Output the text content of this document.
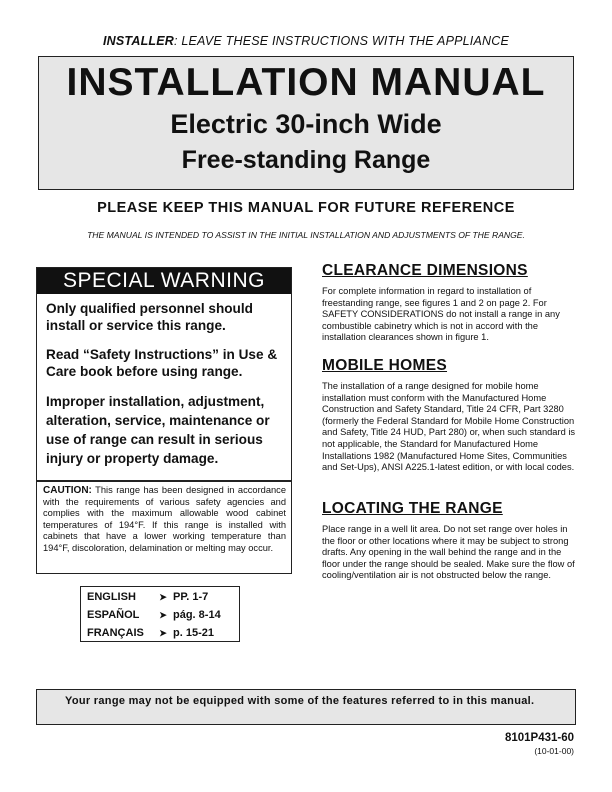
INSTALLER: LEAVE THESE INSTRUCTIONS WITH THE APPLIANCE
INSTALLATION MANUAL
Electric 30-inch Wide
Free-standing Range
PLEASE KEEP THIS MANUAL FOR FUTURE REFERENCE
THE MANUAL IS INTENDED TO ASSIST IN THE INITIAL INSTALLATION AND ADJUSTMENTS OF THE RANGE.
SPECIAL WARNING

Only qualified personnel should install or service this range.

Read “Safety Instructions” in Use & Care book before using range.

Improper installation, adjustment, alteration, service, maintenance or use of range can result in serious injury or property damage.

CAUTION: This range has been designed in accordance with the requirements of various safety agencies and complies with the maximum allowable wood cabinet temperatures of 194°F. If this range is installed with cabinets that have a lower working temperature than 194°F, discoloration, delamination or melting may occur.
ENGLISH	➤ PP. 1-7
ESPAÑOL	➤ pág. 8-14
FRANÇAIS	➤ p. 15-21
CLEARANCE DIMENSIONS
For complete information in regard to installation of freestanding range, see figures 1 and 2 on page 2. For SAFETY CONSIDERATIONS do not install a range in any combustible cabinetry which is not in accord with the installation clearances shown in figure 1.
MOBILE HOMES
The installation of a range designed for mobile home installation must conform with the Manufactured Home Construction and Safety Standard, Title 24 CFR, Part 3280 (formerly the Federal Standard for Mobile Home Construction and Safety, Title 24 HUD, Part 280) or, when such standard is not applicable, the Standard for Manufactured Home Installations 1982 (Manufactured Home Sites, Communities and Set-Ups), ANSI A225.1-latest edition, or with local codes.
LOCATING THE RANGE
Place range in a well lit area. Do not set range over holes in the floor or other locations where it may be subject to strong drafts. Any opening in the wall behind the range and in the floor under the range should be sealed. Make sure the flow of cooling/ventilation air is not obstructed below the range.
Your range may not be equipped with some of the features referred to in this manual.
8101P431-60
(10-01-00)
